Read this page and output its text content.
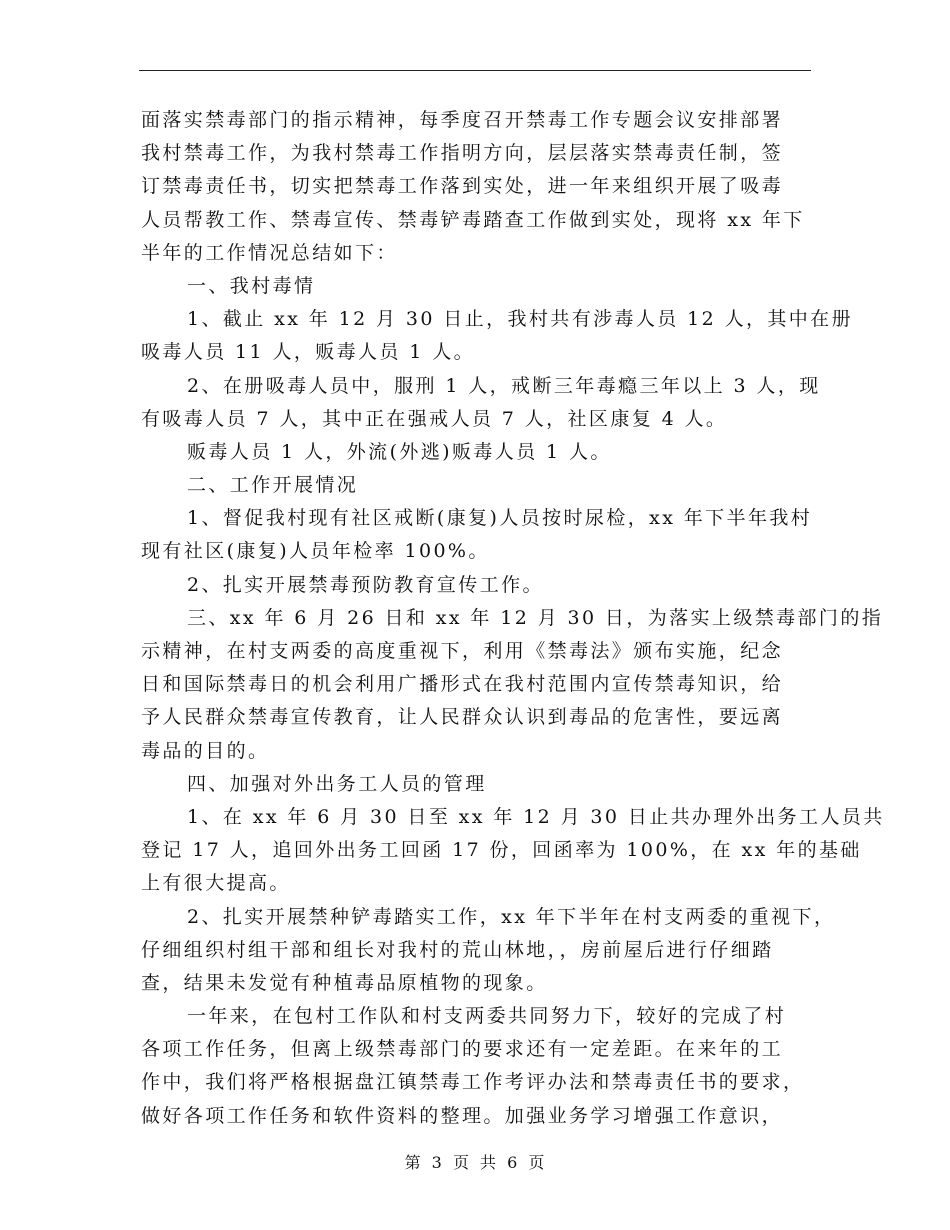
面落实禁毒部门的指示精神，每季度召开禁毒工作专题会议安排部署
我村禁毒工作，为我村禁毒工作指明方向，层层落实禁毒责任制，签
订禁毒责任书，切实把禁毒工作落到实处，进一年来组织开展了吸毒
人员帮教工作、禁毒宣传、禁毒铲毒踏查工作做到实处，现将 xx 年下
半年的工作情况总结如下：
一、我村毒情
1、截止 xx 年 12 月 30 日止，我村共有涉毒人员 12 人，其中在册
吸毒人员 11 人，贩毒人员 1 人。
2、在册吸毒人员中，服刑 1 人，戒断三年毒瘾三年以上 3 人，现
有吸毒人员 7 人，其中正在强戒人员 7 人，社区康复 4 人。
贩毒人员 1 人，外流(外逃)贩毒人员 1 人。
二、工作开展情况
1、督促我村现有社区戒断(康复)人员按时尿检，xx 年下半年我村
现有社区(康复)人员年检率 100%。
2、扎实开展禁毒预防教育宣传工作。
三、xx 年 6 月 26 日和 xx 年 12 月 30 日，为落实上级禁毒部门的指
示精神，在村支两委的高度重视下，利用《禁毒法》颁布实施，纪念
日和国际禁毒日的机会利用广播形式在我村范围内宣传禁毒知识，给
予人民群众禁毒宣传教育，让人民群众认识到毒品的危害性，要远离
毒品的目的。
四、加强对外出务工人员的管理
1、在 xx 年 6 月 30 日至 xx 年 12 月 30 日止共办理外出务工人员共
登记 17 人，追回外出务工回函 17 份，回函率为 100%，在 xx 年的基础
上有很大提高。
2、扎实开展禁种铲毒踏实工作，xx 年下半年在村支两委的重视下，
仔细组织村组干部和组长对我村的荒山林地，，房前屋后进行仔细踏
查，结果未发觉有种植毒品原植物的现象。
一年来，在包村工作队和村支两委共同努力下，较好的完成了村
各项工作任务，但离上级禁毒部门的要求还有一定差距。在来年的工
作中，我们将严格根据盘江镇禁毒工作考评办法和禁毒责任书的要求，
做好各项工作任务和软件资料的整理。加强业务学习增强工作意识，
第 3 页 共 6 页
